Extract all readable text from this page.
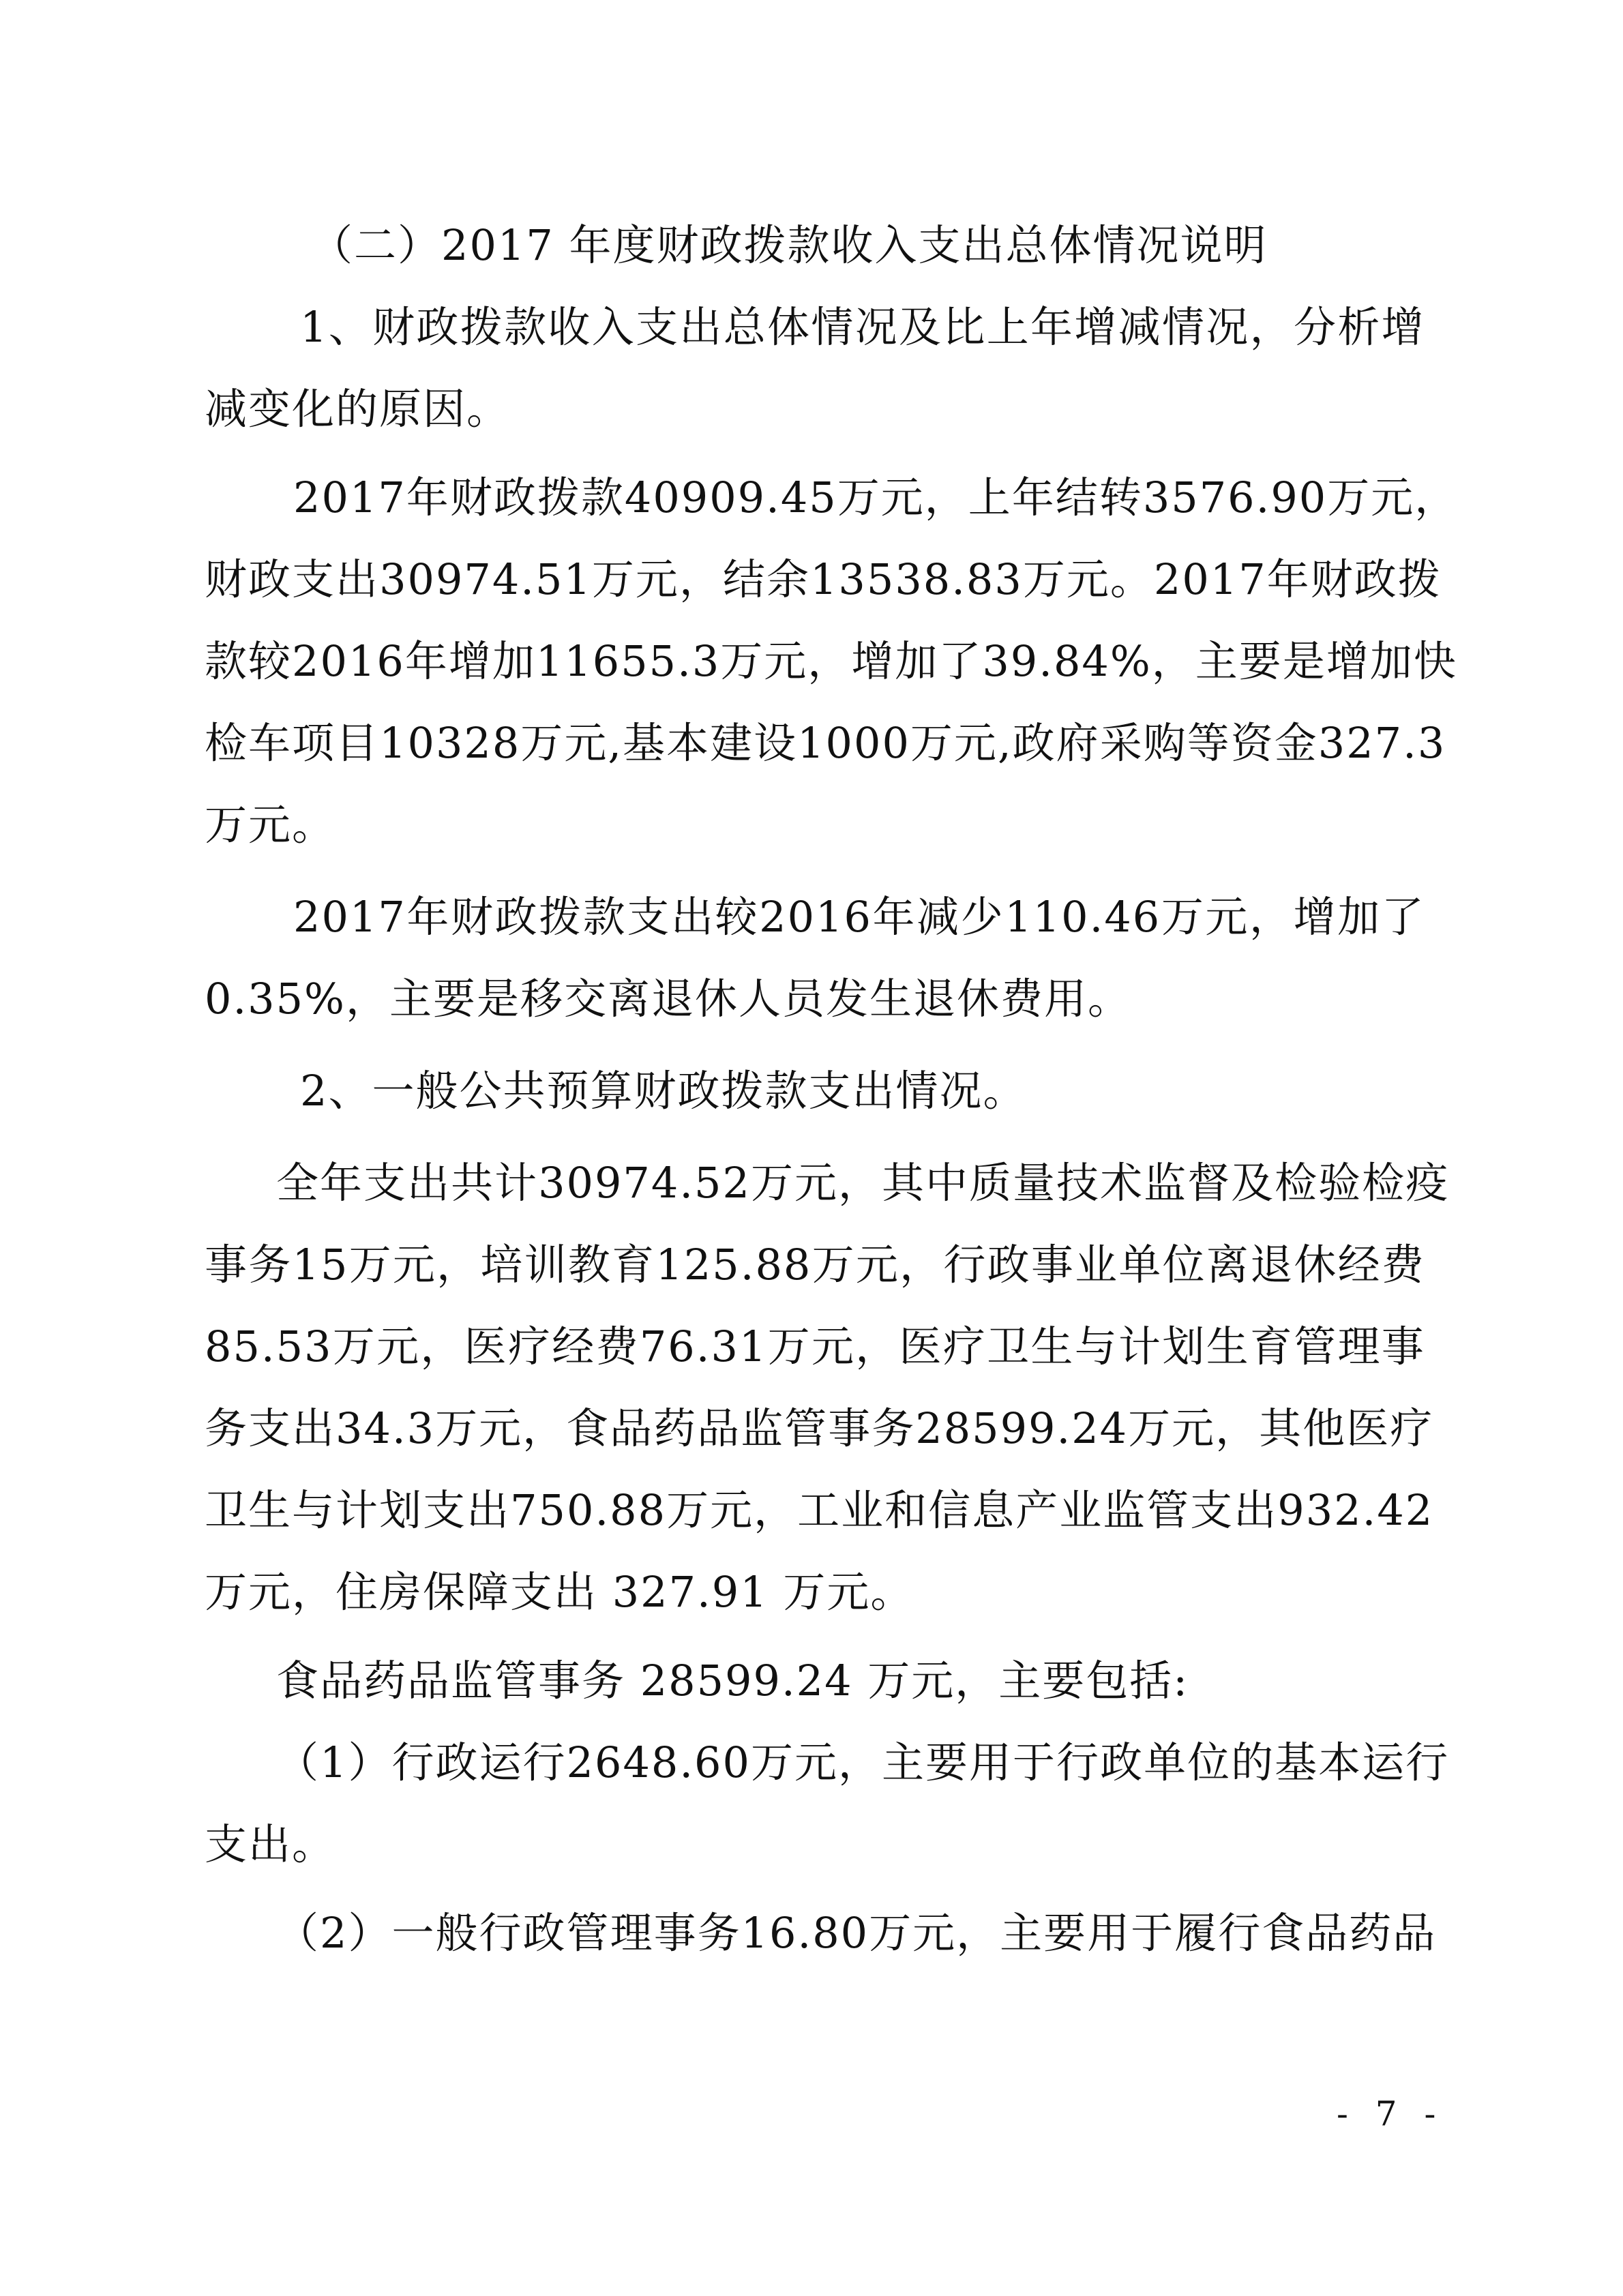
（二）2017 年度财政拨款收入支出总体情况说明

1 、 财 政 拨 款 收 入 支 出 总 体 情 况 及 比 上 年 增 减 情 况 ， 分 析 增

减变化的原因。

2017 年 财 政 拨 款 40909.45 万 元 ， 上 年 结 转 3576.90 万 元 ，

财 政 支 出 30974.51 万 元 ， 结 余 13538.83 万 元 。 2017 年 财 政 拨

款 较 2016 年 增 加 11655.3 万 元 ， 增 加 了 39.84% ， 主 要 是 增 加 快

检 车 项 目 10328 万 元 , 基 本 建 设 1000 万 元 , 政 府 采 购 等 资 金 327.3

万元。

2017 年 财 政 拨 款 支 出 较 2016 年 减 少 110.46 万 元 ， 增 加 了

0.35%，主要是移交离退休人员发生退休费用。

2、一般公共预算财政拨款支出情况。

全 年 支 出 共 计 30974.52 万 元 ， 其 中 质 量 技 术 监 督 及 检 验 检 疫

事 务 15 万 元 ， 培 训 教 育 125.88 万 元 ， 行 政 事 业 单 位 离 退 休 经 费

85.53 万 元 ， 医 疗 经 费 76.31 万 元 ， 医 疗 卫 生 与 计 划 生 育 管 理 事

务 支 出 34.3 万 元 ， 食 品 药 品 监 管 事 务 28599.24 万 元 ， 其 他 医 疗

卫 生 与 计 划 支 出 750.88 万 元 ， 工 业 和 信 息 产 业 监 管 支 出 932.42

万元，住房保障支出 327.91 万元。

食品药品监管事务 28599.24 万元，主要包括:

（ 1 ） 行 政 运 行 2648.60 万 元 ， 主 要 用 于 行 政 单 位 的 基 本 运 行

支出。

（ 2 ） 一 般 行 政 管 理 事 务 16.80 万 元 ， 主 要 用 于 履 行 食 品 药 品

- 7 -
